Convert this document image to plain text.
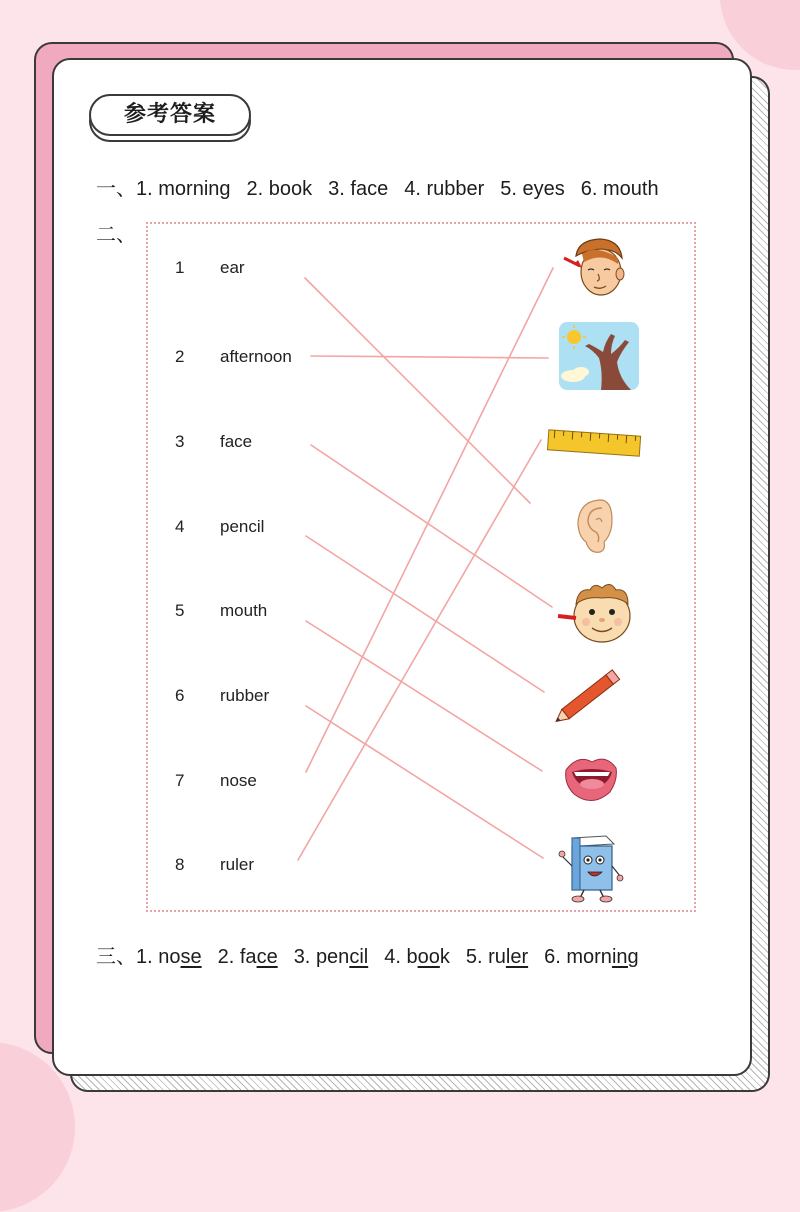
参考答案
一、1. morning 2. book 3. face 4. rubber 5. eyes 6. mouth
二、
1	ear
2	afternoon
3	face
4	pencil
5	mouth
6	rubber
7	nose
8	ruler
三、1. nose 2. face 3. pencil 4. book 5. ruler 6. morning
